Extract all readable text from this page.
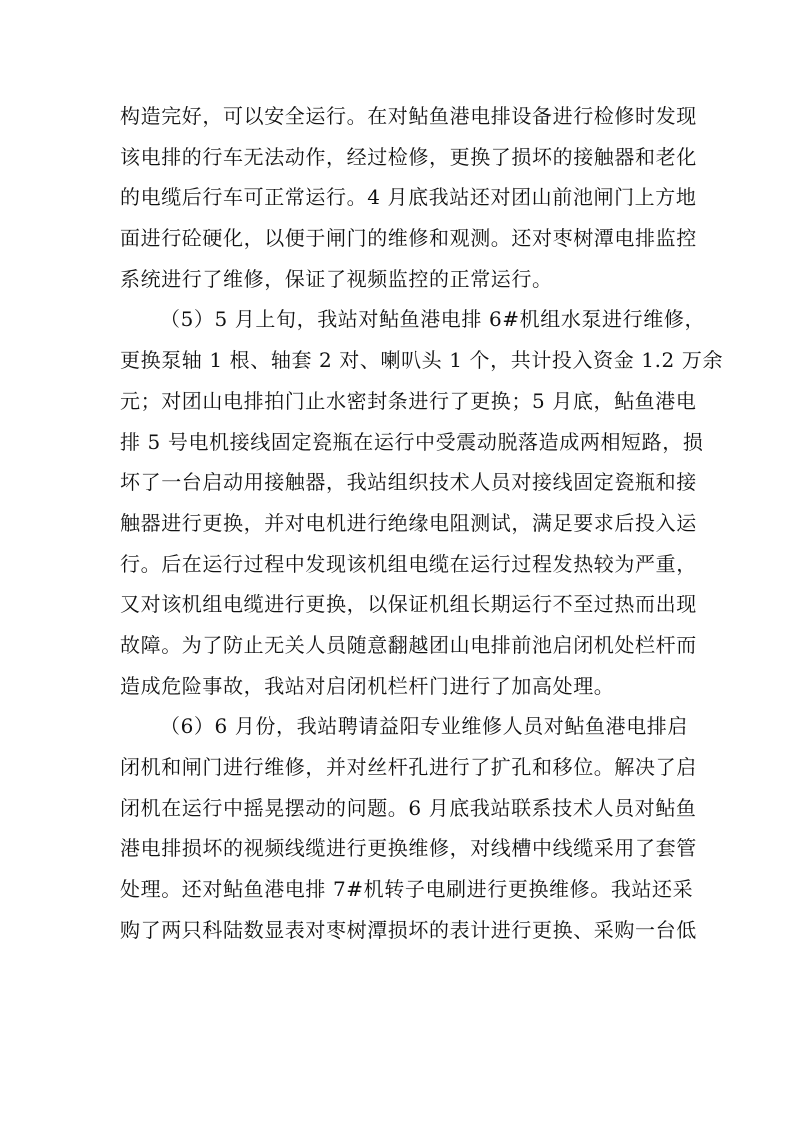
构造完好，可以安全运行。在对鲇鱼港电排设备进行检修时发现
该电排的行车无法动作，经过检修，更换了损坏的接触器和老化
的电缆后行车可正常运行。4 月底我站还对团山前池闸门上方地
面进行砼硬化，以便于闸门的维修和观测。还对枣树潭电排监控
系统进行了维修，保证了视频监控的正常运行。
（5）5 月上旬，我站对鲇鱼港电排 6#机组水泵进行维修，
更换泵轴 1 根、轴套 2 对、喇叭头 1 个，共计投入资金 1.2 万余
元；对团山电排拍门止水密封条进行了更换；5 月底，鲇鱼港电
排 5 号电机接线固定瓷瓶在运行中受震动脱落造成两相短路，损
坏了一台启动用接触器，我站组织技术人员对接线固定瓷瓶和接
触器进行更换，并对电机进行绝缘电阻测试，满足要求后投入运
行。后在运行过程中发现该机组电缆在运行过程发热较为严重，
又对该机组电缆进行更换，以保证机组长期运行不至过热而出现
故障。为了防止无关人员随意翻越团山电排前池启闭机处栏杆而
造成危险事故，我站对启闭机栏杆门进行了加高处理。
（6）6 月份，我站聘请益阳专业维修人员对鲇鱼港电排启
闭机和闸门进行维修，并对丝杆孔进行了扩孔和移位。解决了启
闭机在运行中摇晃摆动的问题。6 月底我站联系技术人员对鲇鱼
港电排损坏的视频线缆进行更换维修，对线槽中线缆采用了套管
处理。还对鲇鱼港电排 7#机转子电刷进行更换维修。我站还采
购了两只科陆数显表对枣树潭损坏的表计进行更换、采购一台低
